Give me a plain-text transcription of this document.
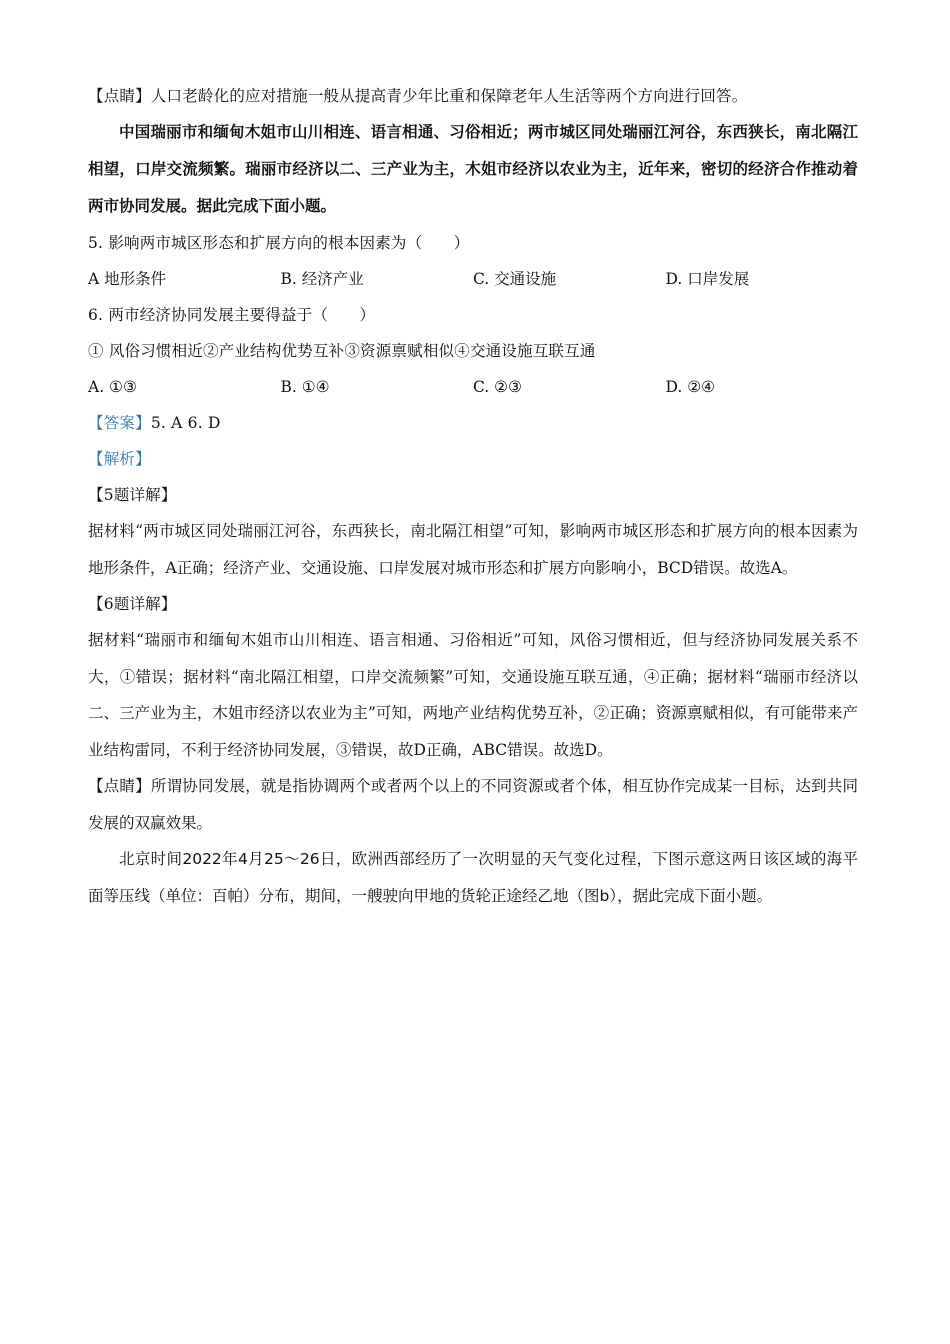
【点睛】人口老龄化的应对措施一般从提高青少年比重和保障老年人生活等两个方向进行回答。

中国瑞丽市和缅甸木姐市山川相连、语言相通、习俗相近；两市城区同处瑞丽江河谷，东西狭长，南北隔江相望，口岸交流频繁。瑞丽市经济以二、三产业为主，木姐市经济以农业为主，近年来，密切的经济合作推动着两市协同发展。据此完成下面小题。

5. 影响两市城区形态和扩展方向的根本因素为（　　）
A 地形条件	B. 经济产业	C. 交通设施	D. 口岸发展
6. 两市经济协同发展主要得益于（　　）
① 风俗习惯相近②产业结构优势互补③资源禀赋相似④交通设施互联互通
A. ①③	B. ①④	C. ②③	D. ②④
【答案】5. A 6. D
【解析】
【5题详解】

据材料“两市城区同处瑞丽江河谷，东西狭长，南北隔江相望”可知，影响两市城区形态和扩展方向的根本因素为地形条件，A正确；经济产业、交通设施、口岸发展对城市形态和扩展方向影响小，BCD错误。故选A。

【6题详解】

据材料“瑞丽市和缅甸木姐市山川相连、语言相通、习俗相近”可知，风俗习惯相近，但与经济协同发展关系不大，①错误；据材料“南北隔江相望，口岸交流频繁”可知，交通设施互联互通，④正确；据材料“瑞丽市经济以二、三产业为主，木姐市经济以农业为主”可知，两地产业结构优势互补，②正确；资源禀赋相似，有可能带来产业结构雷同，不利于经济协同发展，③错误，故D正确，ABC错误。故选D。

【点睛】所谓协同发展，就是指协调两个或者两个以上的不同资源或者个体，相互协作完成某一目标，达到共同发展的双赢效果。

北京时间2022年4月25～26日，欧洲西部经历了一次明显的天气变化过程，下图示意这两日该区域的海平面等压线（单位：百帕）分布，期间，一艘驶向甲地的货轮正途经乙地（图b），据此完成下面小题。
